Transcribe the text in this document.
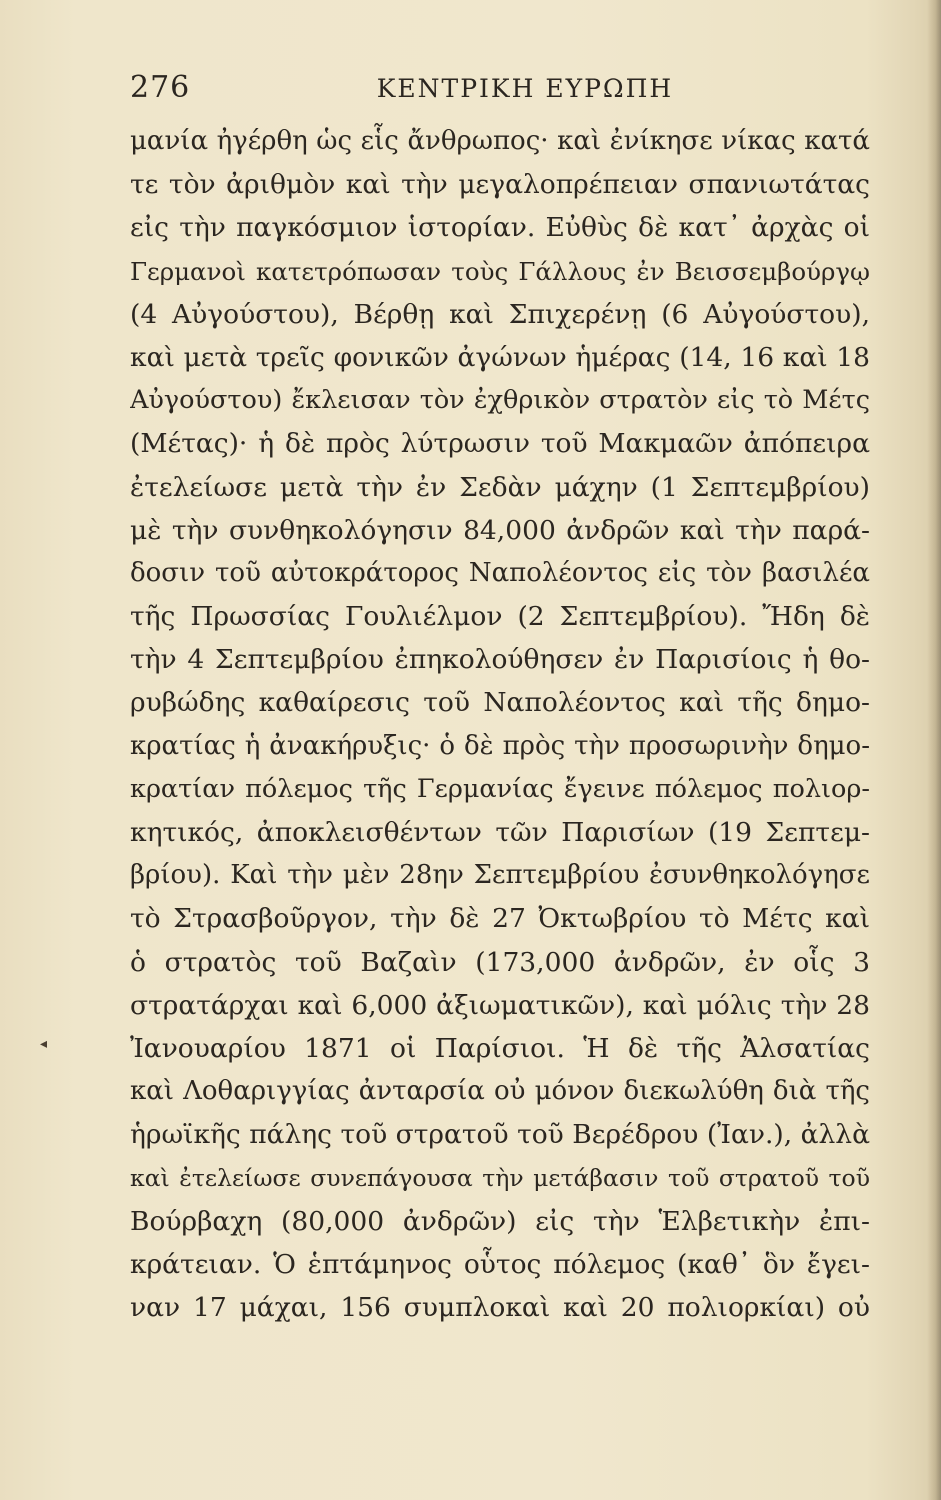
276	ΚΕΝΤΡΙΚΗ ΕΥΡΩΠΗ
◂
μανία ἠγέρθη ὡς εἷς ἄνθρωπος· καὶ ἐνίκησε νίκας κατά
τε τὸν ἀριθμὸν καὶ τὴν μεγαλοπρέπειαν σπανιωτάτας
εἰς τὴν παγκόσμιον ἱστορίαν. Εὐθὺς δὲ κατ᾽ ἀρχὰς οἱ
Γερμανοὶ κατετρόπωσαν τοὺς Γάλλους ἐν Βεισσεμβούργῳ
(4 Αὐγούστου), Βέρθῃ καὶ Σπιχερένῃ (6 Αὐγούστου),
καὶ μετὰ τρεῖς φονικῶν ἀγώνων ἡμέρας (14, 16 καὶ 18
Αὐγούστου) ἔκλεισαν τὸν ἐχθρικὸν στρατὸν εἰς τὸ Μέτς
(Μέτας)· ἡ δὲ πρὸς λύτρωσιν τοῦ Μακμαῶν ἀπόπειρα
ἐτελείωσε μετὰ τὴν ἐν Σεδὰν μάχην (1 Σεπτεμβρίου)
μὲ τὴν συνθηκολόγησιν 84,000 ἀνδρῶν καὶ τὴν παρά-
δοσιν τοῦ αὐτοκράτορος Ναπολέοντος εἰς τὸν βασιλέα
τῆς Πρωσσίας Γουλιέλμον (2 Σεπτεμβρίου). Ἤδη δὲ
τὴν 4 Σεπτεμβρίου ἐπηκολούθησεν ἐν Παρισίοις ἡ θο-
ρυβώδης καθαίρεσις τοῦ Ναπολέοντος καὶ τῆς δημο-
κρατίας ἡ ἀνακήρυξις· ὁ δὲ πρὸς τὴν προσωρινὴν δημο-
κρατίαν πόλεμος τῆς Γερμανίας ἔγεινε πόλεμος πολιορ-
κητικός, ἀποκλεισθέντων τῶν Παρισίων (19 Σεπτεμ-
βρίου). Καὶ τὴν μὲν 28ην Σεπτεμβρίου ἐσυνθηκολόγησε
τὸ Στρασβοῦργον, τὴν δὲ 27 Ὀκτωβρίου τὸ Μέτς καὶ
ὁ στρατὸς τοῦ Βαζαὶν (173,000 ἀνδρῶν, ἐν οἷς 3
στρατάρχαι καὶ 6,000 ἀξιωματικῶν), καὶ μόλις τὴν 28
Ἰανουαρίου 1871 οἱ Παρίσιοι. Ἡ δὲ τῆς Ἀλσατίας
καὶ Λοθαριγγίας ἀνταρσία οὐ μόνον διεκωλύθη διὰ τῆς
ἡρωϊκῆς πάλης τοῦ στρατοῦ τοῦ Βερέδρου (Ἰαν.), ἀλλὰ
καὶ ἐτελείωσε συνεπάγουσα τὴν μετάβασιν τοῦ στρατοῦ τοῦ
Βούρβαχη (80,000 ἀνδρῶν) εἰς τὴν Ἑλβετικὴν ἐπι-
κράτειαν. Ὁ ἑπτάμηνος οὗτος πόλεμος (καθ᾽ ὃν ἔγει-
ναν 17 μάχαι, 156 συμπλοκαὶ καὶ 20 πολιορκίαι) οὐ
